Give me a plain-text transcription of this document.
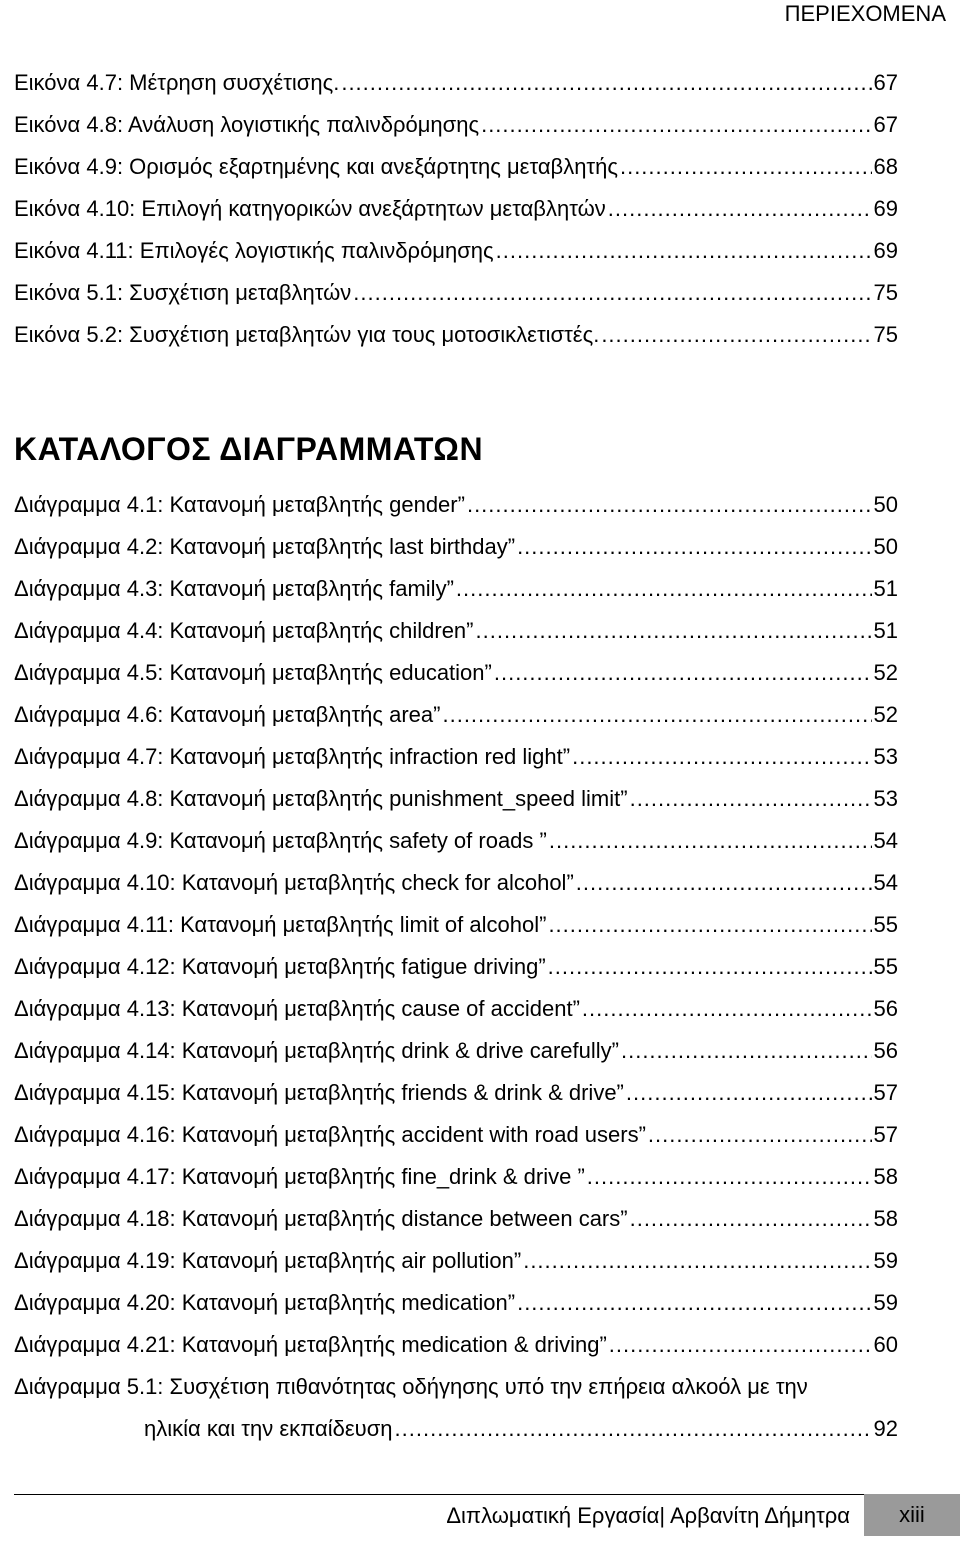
ΠΕΡΙΕΧΟΜΕΝΑ
Εικόνα 4.7: Μέτρηση συσχέτισης. .....	67
Εικόνα 4.8: Ανάλυση λογιστικής παλινδρόμησης .....	67
Εικόνα 4.9: Ορισμός εξαρτημένης και ανεξάρτητης μεταβλητής .....	68
Εικόνα 4.10: Επιλογή κατηγορικών ανεξάρτητων μεταβλητών .....	69
Εικόνα 4.11: Επιλογές λογιστικής παλινδρόμησης .....	69
Εικόνα 5.1: Συσχέτιση μεταβλητών .....	75
Εικόνα 5.2: Συσχέτιση μεταβλητών για τους μοτοσικλετιστές. .....	75
ΚΑΤΑΛΟΓΟΣ ΔΙΑΓΡΑΜΜΑΤΩΝ
Διάγραμμα 4.1: Κατανομή μεταβλητής gender” .....	50
Διάγραμμα 4.2: Κατανομή μεταβλητής last birthday” .....	50
Διάγραμμα 4.3: Κατανομή μεταβλητής family” .....	51
Διάγραμμα 4.4: Κατανομή μεταβλητής children” .....	51
Διάγραμμα 4.5: Κατανομή μεταβλητής education” .....	52
Διάγραμμα 4.6: Κατανομή μεταβλητής area” .....	52
Διάγραμμα 4.7: Κατανομή μεταβλητής infraction red light” .....	53
Διάγραμμα 4.8: Κατανομή μεταβλητής punishment_speed limit” .....	53
Διάγραμμα 4.9: Κατανομή μεταβλητής safety of roads ” .....	54
Διάγραμμα 4.10: Κατανομή μεταβλητής check for alcohol” .....	54
Διάγραμμα 4.11: Κατανομή μεταβλητής limit of alcohol” .....	55
Διάγραμμα 4.12: Κατανομή μεταβλητής fatigue driving” .....	55
Διάγραμμα 4.13: Κατανομή μεταβλητής cause of accident” .....	56
Διάγραμμα 4.14: Κατανομή μεταβλητής drink & drive carefully” .....	56
Διάγραμμα 4.15: Κατανομή μεταβλητής friends & drink & drive” .....	57
Διάγραμμα 4.16: Κατανομή μεταβλητής accident with road users” .....	57
Διάγραμμα 4.17: Κατανομή μεταβλητής fine_drink & drive ” .....	58
Διάγραμμα 4.18: Κατανομή μεταβλητής distance between cars” .....	58
Διάγραμμα 4.19: Κατανομή μεταβλητής air pollution” .....	59
Διάγραμμα 4.20: Κατανομή μεταβλητής medication” .....	59
Διάγραμμα 4.21: Κατανομή μεταβλητής medication & driving” .....	60
Διάγραμμα 5.1: Συσχέτιση πιθανότητας οδήγησης υπό την επήρεια αλκοόλ με την
ηλικία και την εκπαίδευση .....	92
Διπλωματική Εργασία| Αρβανίτη Δήμητρα	xiii
